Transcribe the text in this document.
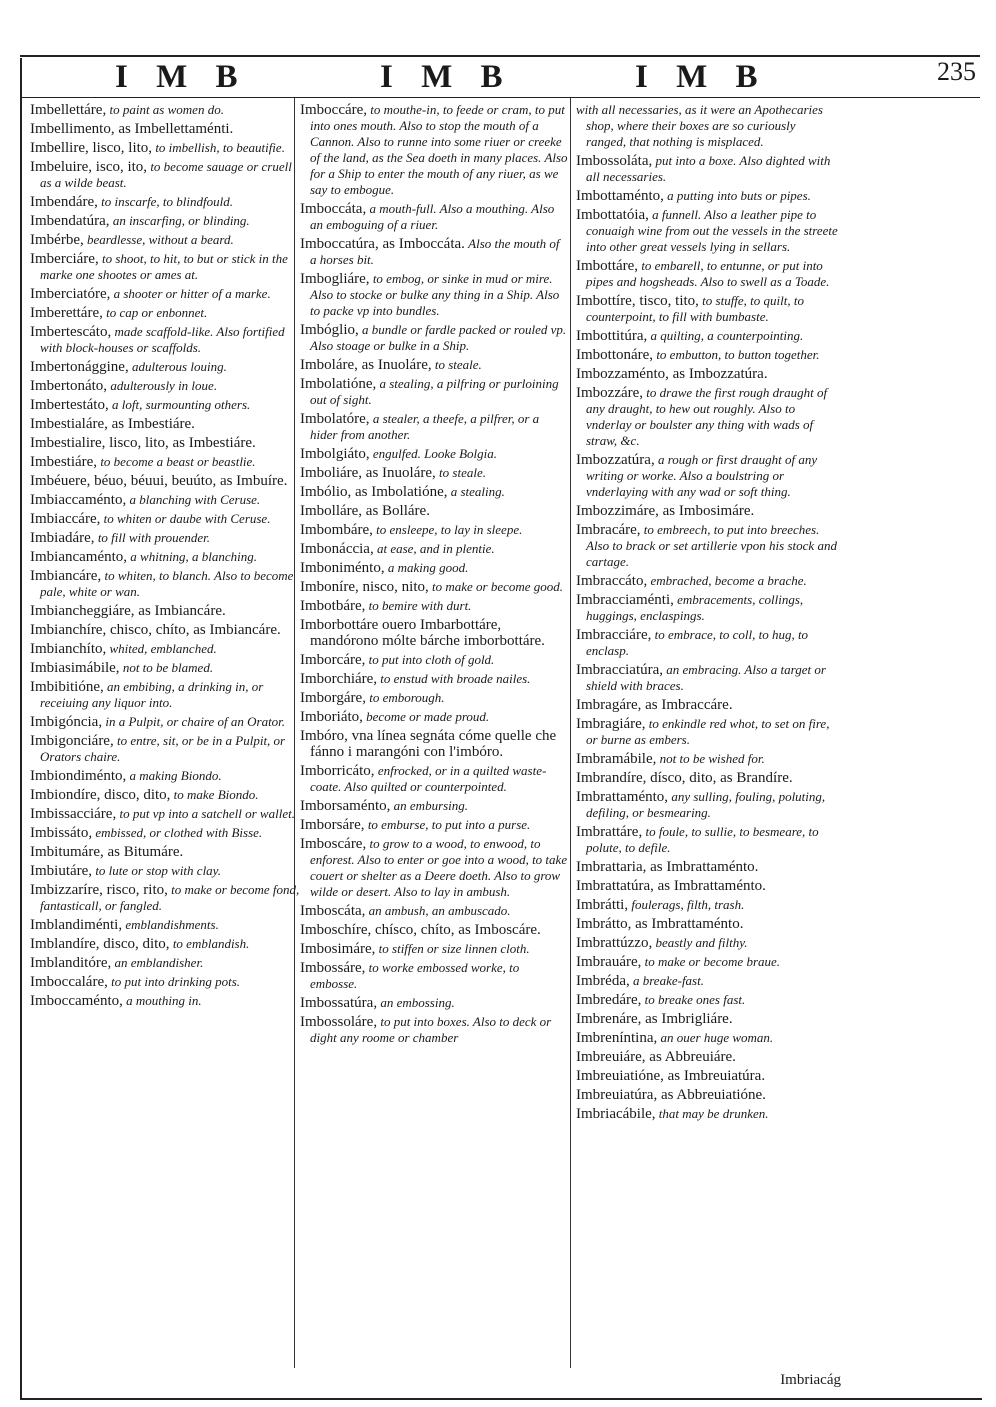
I M B	I M B	I M B	235
Imbellettáre, to paint as women do.
Imbellimento, as Imbellettaménti.
Imbellire, lisco, lito, to imbellish, to beautifie.
Imbeluire, isco, ito, to become sauage or cruell as a wilde beast.
Imbendáre, to inscarfe, to blindfould.
Imbendatúra, an inscarfing, or blinding.
Imbérbe, beardlesse, without a beard.
Imberciáre, to shoot, to hit, to but or stick in the marke one shootes or ames at.
Imberciatóre, a shooter or hitter of a marke.
Imberettáre, to cap or enbonnet.
Imbertescáto, made scaffold-like. Also fortified with block-houses or scaffolds.
Imbertonággine, adulterous louing.
Imbertonáto, adulterously in loue.
Imbertestáto, a loft, surmounting others.
Imbestialáre, as Imbestiáre.
Imbestialire, lisco, lito, as Imbestiáre.
Imbestiáre, to become a beast or beastlie.
Imbéuere, béuo, béuui, beuúto, as Imbuíre.
Imbiaccaménto, a blanching with Ceruse.
Imbiaccáre, to whiten or daube with Ceruse.
Imbiadáre, to fill with prouender.
Imbiancaménto, a whitning, a blanching.
Imbiancáre, to whiten, to blanch. Also to become pale, white or wan.
Imbiancheggiáre, as Imbiancáre.
Imbianchíre, chisco, chíto, as Imbiancáre.
Imbianchíto, whited, emblanched.
Imbiasimábile, not to be blamed.
Imbibitióne, an embibing, a drinking in, or receiuing any liquor into.
Imbigóncia, in a Pulpit, or chaire of an Orator.
Imbigonciáre, to entre, sit, or be in a Pulpit, or Orators chaire.
Imbiondiménto, a making Biondo.
Imbiondíre, disco, dito, to make Biondo.
Imbissacciáre, to put vp into a satchell or wallet.
Imbissáto, embissed, or clothed with Bisse.
Imbitumáre, as Bitumáre.
Imbiutáre, to lute or stop with clay.
Imbizzaríre, risco, rito, to make or become fond, fantasticall, or fangled.
Imblandiménti, emblandishments.
Imblandíre, disco, dito, to emblandish.
Imblanditóre, an emblandisher.
Imboccaláre, to put into drinking pots.
Imboccaménto, a mouthing in.
Imboccáre, to mouthe-in, to feede or cram, to put into ones mouth. Also to stop the mouth of a Cannon. Also to runne into some riuer or creeke of the land, as the Sea doeth in many places. Also for a Ship to enter the mouth of any riuer, as we say to embogue.
Imboccáta, a mouth-full. Also a mouthing. Also an emboguing of a riuer.
Imboccatúra, as Imboccáta. Also the mouth of a horses bit.
Imbogliáre, to embog, or sinke in mud or mire. Also to stocke or bulke any thing in a Ship. Also to packe vp into bundles.
Imbóglio, a bundle or fardle packed or rouled vp. Also stoage or bulke in a Ship.
Imboláre, as Inuoláre, to steale.
Imbolatióne, a stealing, a pilfring or purloining out of sight.
Imbolatóre, a stealer, a theefe, a pilfrer, or a hider from another.
Imbolgiáto, engulfed. Looke Bolgia.
Imboliáre, as Inuoláre, to steale.
Imbólio, as Imbolatióne, a stealing.
Imbolláre, as Bolláre.
Imbombáre, to ensleepe, to lay in sleepe.
Imbonáccia, at ease, and in plentie.
Imboniménto, a making good.
Imboníre, nisco, nito, to make or become good.
Imbotbáre, to bemire with durt.
Imborbottáre ouero Imbarbottáre, mandórono mólte bárche imborbottáre.
Imborcáre, to put into cloth of gold.
Imborchiáre, to enstud with broade nailes.
Imborgáre, to emborough.
Imboriáto, become or made proud.
Imbóro, vna línea segnáta cóme quelle che fánno i marangóni con l'imbóro.
Imborricáto, enfrocked, or in a quilted waste-coate. Also quilted or counterpointed.
Imborsaménto, an embursing.
Imborsáre, to emburse, to put into a purse.
Imboscáre, to grow to a wood, to enwood, to enforest. Also to enter or goe into a wood, to take couert or shelter as a Deere doeth. Also to grow wilde or desert. Also to lay in ambush.
Imboscáta, an ambush, an ambuscado.
Imboschíre, chísco, chíto, as Imboscáre.
Imbosimáre, to stiffen or size linnen cloth.
Imbossáre, to worke embossed worke, to embosse.
Imbossatúra, an embossing.
Imbossoláre, to put into boxes. Also to deck or dight any roome or chamber
with all necessaries, as it were an Apothecaries shop, where their boxes are so curiously ranged, that nothing is misplaced.
Imbossoláta, put into a boxe. Also dighted with all necessaries.
Imbottaménto, a putting into buts or pipes.
Imbottatóia, a funnell. Also a leather pipe to conuaigh wine from out the vessels in the streete into other great vessels lying in sellars.
Imbottáre, to embarell, to entunne, or put into pipes and hogsheads. Also to swell as a Toade.
Imbottíre, tisco, tito, to stuffe, to quilt, to counterpoint, to fill with bumbaste.
Imbottitúra, a quilting, a counterpointing.
Imbottonáre, to embutton, to button together.
Imbozzaménto, as Imbozzatúra.
Imbozzáre, to drawe the first rough draught of any draught, to hew out roughly. Also to vnderlay or boulster any thing with wads of straw, &c.
Imbozzatúra, a rough or first draught of any writing or worke. Also a boulstring or vnderlaying with any wad or soft thing.
Imbozzimáre, as Imbosimáre.
Imbracáre, to embreech, to put into breeches. Also to brack or set artillerie vpon his stock and cartage.
Imbraccáto, embrached, become a brache.
Imbracciaménti, embracements, collings, huggings, enclaspings.
Imbracciáre, to embrace, to coll, to hug, to enclasp.
Imbracciatúra, an embracing. Also a target or shield with braces.
Imbragáre, as Imbraccáre.
Imbragiáre, to enkindle red whot, to set on fire, or burne as embers.
Imbramábile, not to be wished for.
Imbrandíre, dísco, dito, as Brandíre.
Imbrattaménto, any sulling, fouling, poluting, defiling, or besmearing.
Imbrattáre, to foule, to sullie, to besmeare, to polute, to defile.
Imbrattaria, as Imbrattaménto.
Imbrattatúra, as Imbrattaménto.
Imbrátti, foulerags, filth, trash.
Imbrátto, as Imbrattaménto.
Imbrattúzzo, beastly and filthy.
Imbrauáre, to make or become braue.
Imbréda, a breake-fast.
Imbredáre, to breake ones fast.
Imbrenáre, as Imbrigliáre.
Imbreníntina, an ouer huge woman.
Imbreuiáre, as Abbreuiáre.
Imbreuiatióne, as Imbreuiatúra.
Imbreuiatúra, as Abbreuiatióne.
Imbriacábile, that may be drunken.
Imbriacág
